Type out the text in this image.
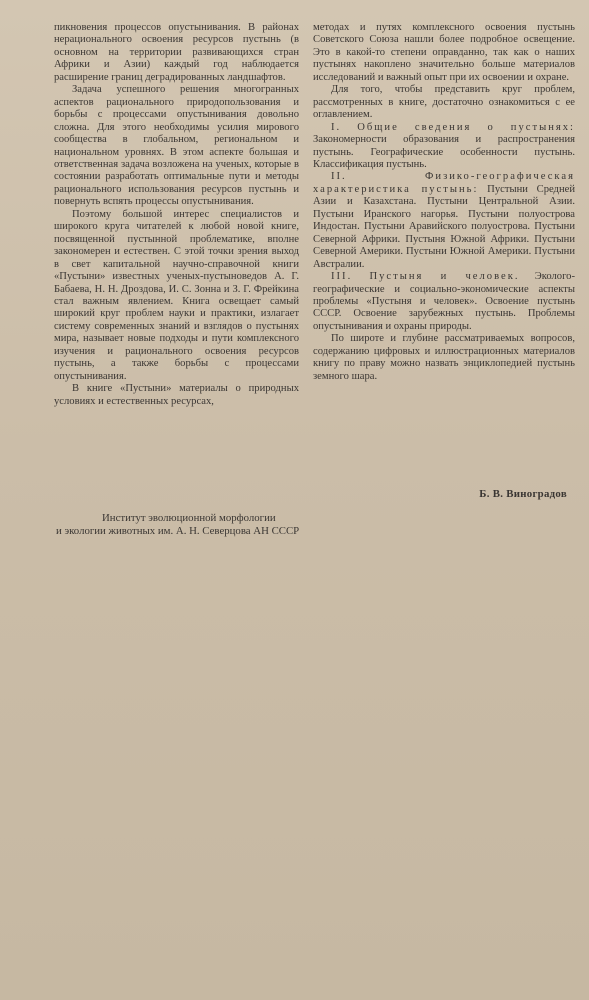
пикновения процессов опустынивания. В районах нерационального освоения ресурсов пустынь (в основном на территории развивающихся стран Африки и Азии) каждый год наблюдается расширение границ деградированных ландшафтов.

Задача успешного решения многогранных аспектов рационального природопользования и борьбы с процессами опустынивания довольно сложна. Для этого необходимы усилия мирового сообщества в глобальном, региональном и национальном уровнях. В этом аспекте большая и ответственная задача возложена на ученых, которые в состоянии разработать оптимальные пути и методы рационального использования ресурсов пустынь и повернуть вспять процессы опустынивания.

Поэтому большой интерес специалистов и широкого круга читателей к любой новой книге, посвященной пустынной проблематике, вполне закономерен и естествен. С этой точки зрения выход в свет капитальной научно-справочной книги «Пустыни» известных ученых-пустыноведов А. Г. Бабаева, Н. Н. Дроздова, И. С. Зонна и З. Г. Фрейкина стал важным явлением. Книга освещает самый широкий круг проблем науки и практики, излагает систему современных знаний и взглядов о пустынях мира, называет новые подходы и пути комплексного изучения и рационального освоения ресурсов пустынь, а также борьбы с процессами опустынивания.

В книге «Пустыни» материалы о природных условиях и естественных ресурсах,

методах и путях комплексного освоения пустынь Советского Союза нашли более подробное освещение. Это в какой-то степени оправданно, так как о наших пустынях накоплено значительно больше материалов исследований и важный опыт при их освоении и охране.

Для того, чтобы представить круг проблем, рассмотренных в книге, достаточно ознакомиться с ее оглавлением.

I. Общие сведения о пустынях: Закономерности образования и распространения пустынь. Географические особенности пустынь. Классификация пустынь.

II. Физико-географическая характеристика пустынь: Пустыни Средней Азии и Казахстана. Пустыни Центральной Азии. Пустыни Иранского нагорья. Пустыни полуострова Индостан. Пустыни Аравийского полуострова. Пустыни Северной Африки. Пустыня Южной Африки. Пустыни Северной Америки. Пустыни Южной Америки. Пустыни Австралии.

III. Пустыня и человек. Эколого-географические и социально-экономические аспекты проблемы «Пустыня и человек». Освоение пустынь СССР. Освоение зарубежных пустынь. Проблемы опустынивания и охраны природы.

По широте и глубине рассматриваемых вопросов, содержанию цифровых и иллюстрационных материалов книгу по праву можно назвать энциклопедией пустынь земного шара.

Б. В. Виноградов
Институт эволюционной морфологии
и экологии животных им. А. Н. Северцова АН СССР
